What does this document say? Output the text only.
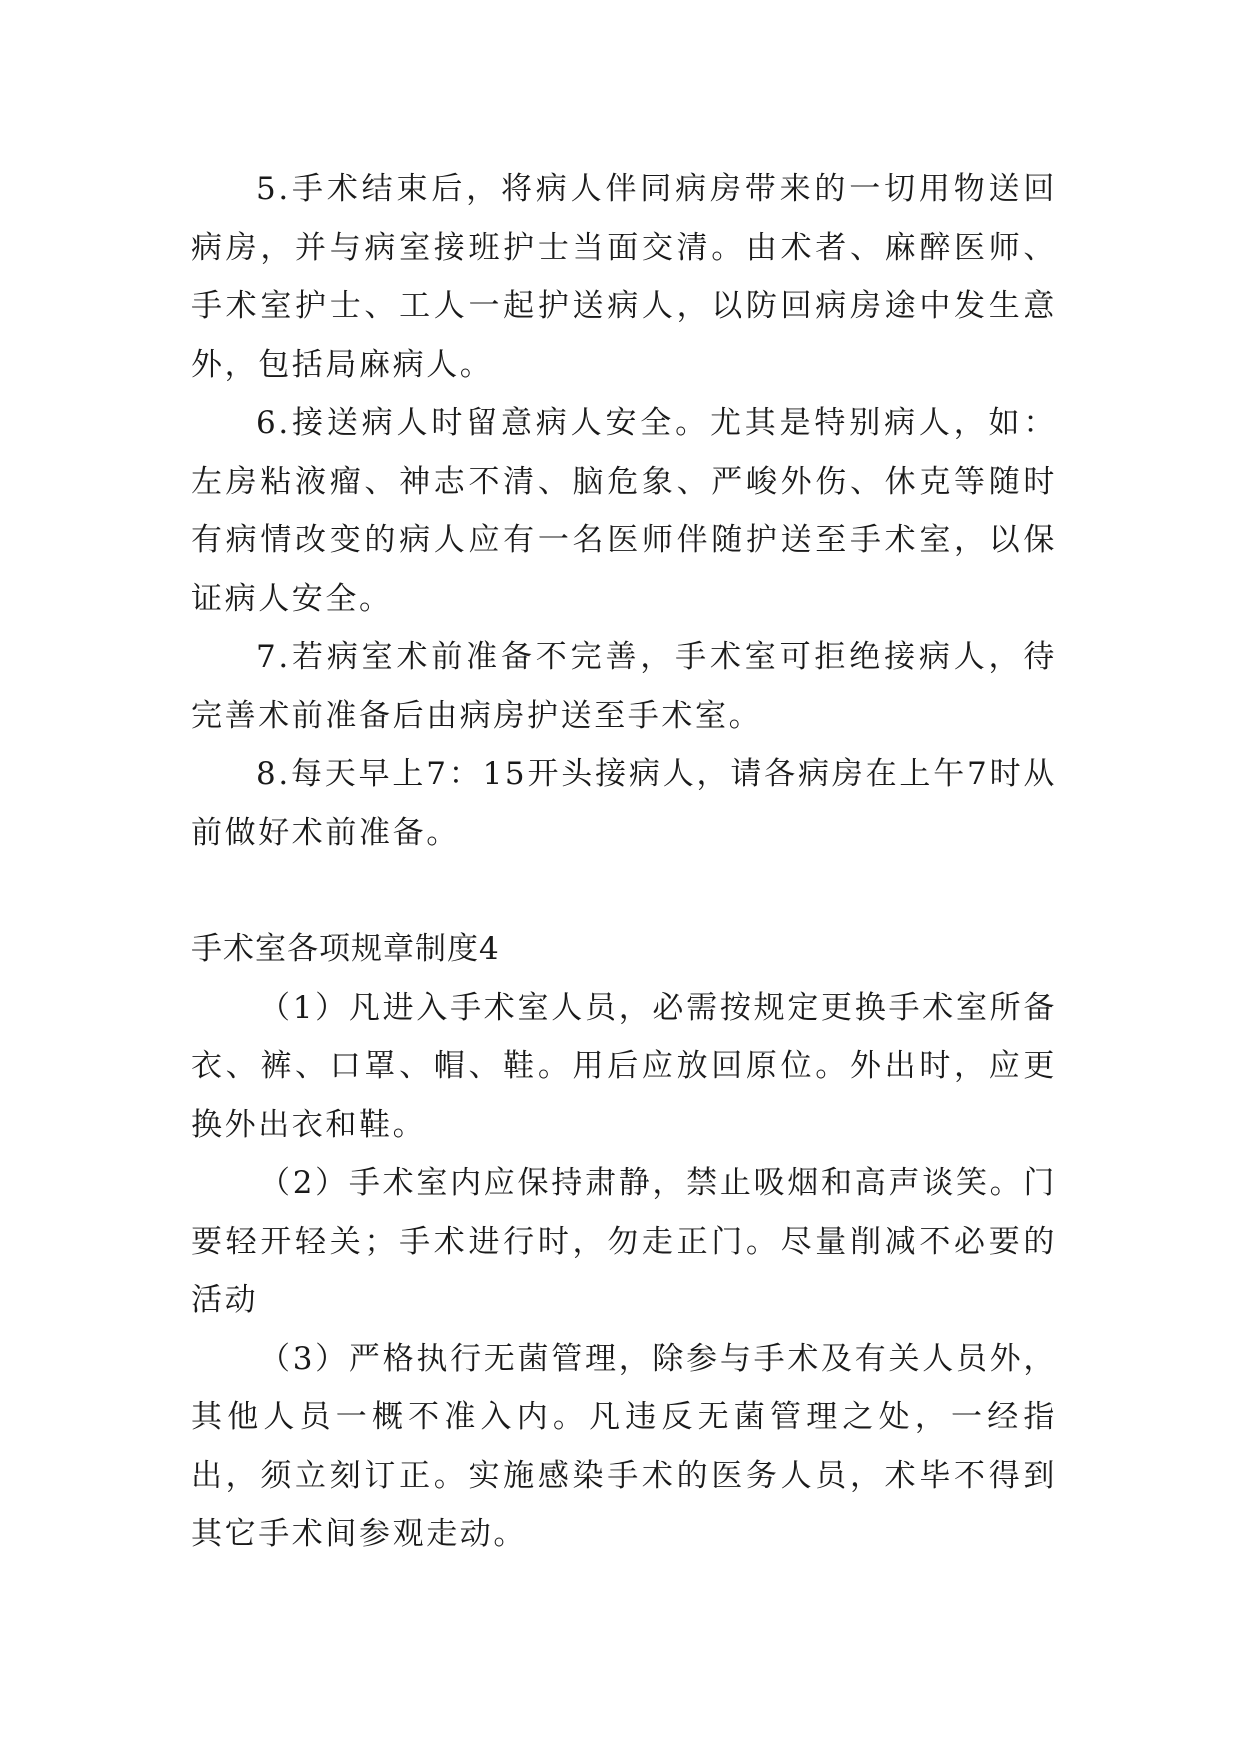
5.手术结束后，将病人伴同病房带来的一切用物送回病房，并与病室接班护士当面交清。由术者、麻醉医师、手术室护士、工人一起护送病人，以防回病房途中发生意外，包括局麻病人。

6.接送病人时留意病人安全。尤其是特别病人，如：左房粘液瘤、神志不清、脑危象、严峻外伤、休克等随时有病情改变的病人应有一名医师伴随护送至手术室，以保证病人安全。

7.若病室术前准备不完善，手术室可拒绝接病人，待完善术前准备后由病房护送至手术室。

8.每天早上7：15开头接病人，请各病房在上午7时从前做好术前准备。

手术室各项规章制度4

（1）凡进入手术室人员，必需按规定更换手术室所备衣、裤、口罩、帽、鞋。用后应放回原位。外出时，应更换外出衣和鞋。

（2）手术室内应保持肃静，禁止吸烟和高声谈笑。门要轻开轻关；手术进行时，勿走正门。尽量削减不必要的活动

（3）严格执行无菌管理，除参与手术及有关人员外，其他人员一概不准入内。凡违反无菌管理之处，一经指出，须立刻订正。实施感染手术的医务人员，术毕不得到其它手术间参观走动。
